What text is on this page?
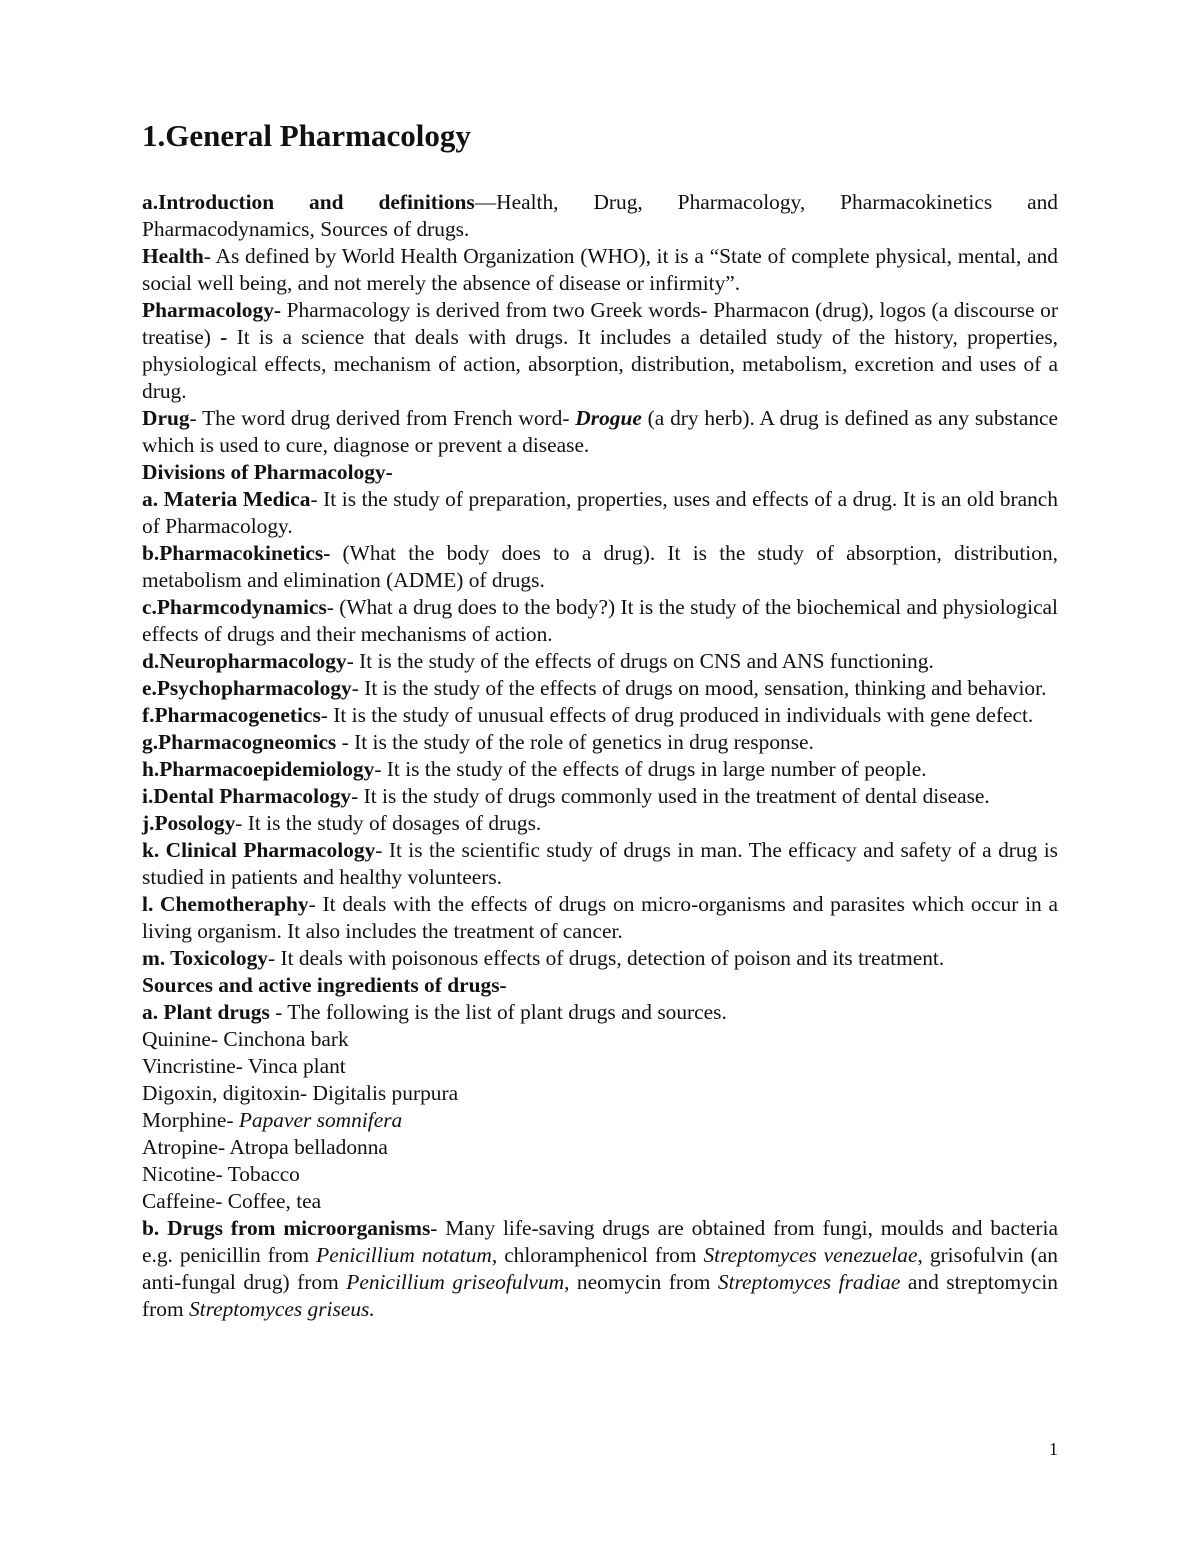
1.General Pharmacology

a.Introduction and definitions—Health, Drug, Pharmacology, Pharmacokinetics and Pharmacodynamics, Sources of drugs.

Health- As defined by World Health Organization (WHO), it is a “State of complete physical, mental, and social well being, and not merely the absence of disease or infirmity”.

Pharmacology- Pharmacology is derived from two Greek words- Pharmacon (drug), logos (a discourse or treatise) - It is a science that deals with drugs. It includes a detailed study of the history, properties, physiological effects, mechanism of action, absorption, distribution, metabolism, excretion and uses of a drug.

Drug- The word drug derived from French word- Drogue (a dry herb). A drug is defined as any substance which is used to cure, diagnose or prevent a disease.

Divisions of Pharmacology-

a. Materia Medica- It is the study of preparation, properties, uses and effects of a drug. It is an old branch of Pharmacology.

b.Pharmacokinetics- (What the body does to a drug). It is the study of absorption, distribution, metabolism and elimination (ADME) of drugs.

c.Pharmcodynamics- (What a drug does to the body?) It is the study of the biochemical and physiological effects of drugs and their mechanisms of action.

d.Neuropharmacology- It is the study of the effects of drugs on CNS and ANS functioning.

e.Psychopharmacology- It is the study of the effects of drugs on mood, sensation, thinking and behavior.

f.Pharmacogenetics- It is the study of unusual effects of drug produced in individuals with gene defect.

g.Pharmacogneomics - It is the study of the role of genetics in drug response.

h.Pharmacoepidemiology- It is the study of the effects of drugs in large number of people.

i.Dental Pharmacology- It is the study of drugs commonly used in the treatment of dental disease.

j.Posology- It is the study of dosages of drugs.

k. Clinical Pharmacology- It is the scientific study of drugs in man. The efficacy and safety of a drug is studied in patients and healthy volunteers.

l. Chemotheraphy- It deals with the effects of drugs on micro-organisms and parasites which occur in a living organism. It also includes the treatment of cancer.

m. Toxicology- It deals with poisonous effects of drugs, detection of poison and its treatment.

Sources and active ingredients of drugs-

a. Plant drugs - The following is the list of plant drugs and sources.

Quinine- Cinchona bark

Vincristine- Vinca plant

Digoxin, digitoxin- Digitalis purpura

Morphine- Papaver somnifera

Atropine- Atropa belladonna

Nicotine- Tobacco

Caffeine- Coffee, tea

b. Drugs from microorganisms- Many life-saving drugs are obtained from fungi, moulds and bacteria e.g. penicillin from Penicillium notatum, chloramphenicol from Streptomyces venezuelae, grisofulvin (an anti-fungal drug) from Penicillium griseofulvum, neomycin from Streptomyces fradiae and streptomycin from Streptomyces griseus.

1
